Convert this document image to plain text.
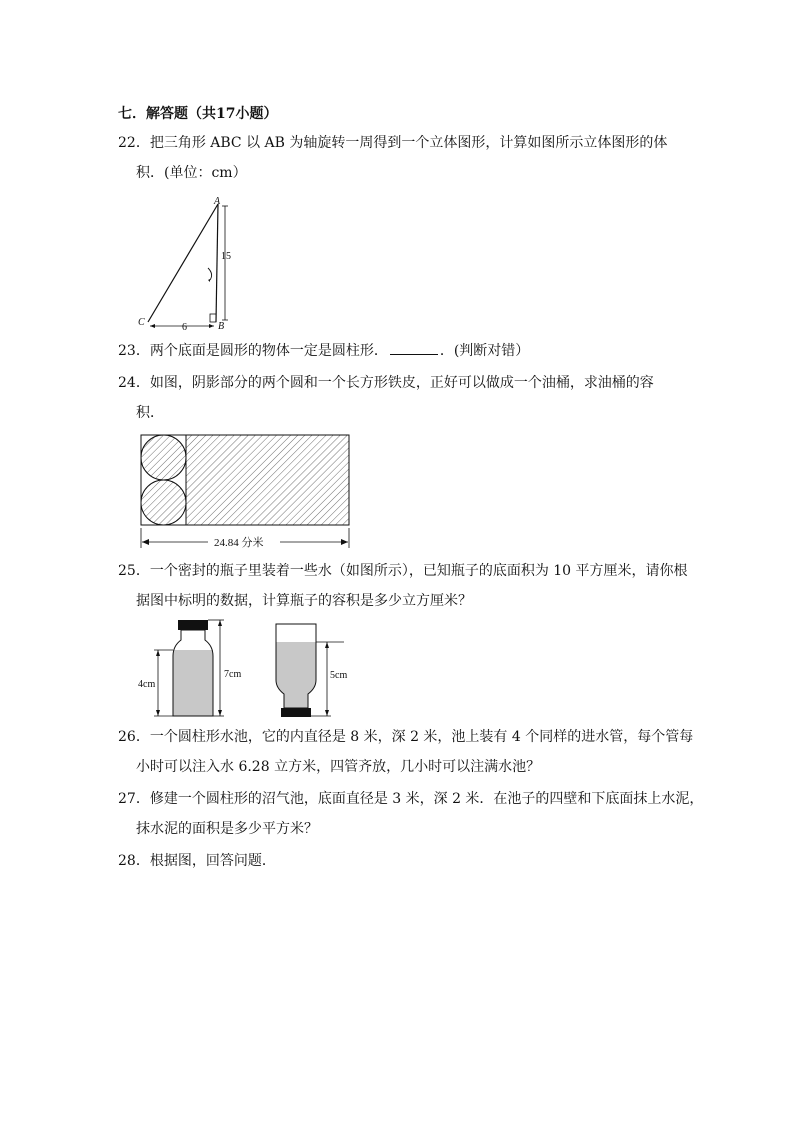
七．解答题（共17小题）
22．把三角形 ABC 以 AB 为轴旋转一周得到一个立体图形，计算如图所示立体图形的体
积．(单位：cm）
15
6
A
B
C
23．两个底面是圆形的物体一定是圆柱形．	．(判断对错）
24．如图，阴影部分的两个圆和一个长方形铁皮，正好可以做成一个油桶，求油桶的容
积．
24.84 分米
25．一个密封的瓶子里装着一些水（如图所示），已知瓶子的底面积为 10 平方厘米，请你根
据图中标明的数据，计算瓶子的容积是多少立方厘米？
4cm
7cm	5cm
26．一个圆柱形水池，它的内直径是 8 米，深 2 米，池上装有 4 个同样的进水管，每个管每
小时可以注入水 6.28 立方米，四管齐放，几小时可以注满水池？
27．修建一个圆柱形的沼气池，底面直径是 3 米，深 2 米．在池子的四壁和下底面抹上水泥，
抹水泥的面积是多少平方米？
28．根据图，回答问题．
